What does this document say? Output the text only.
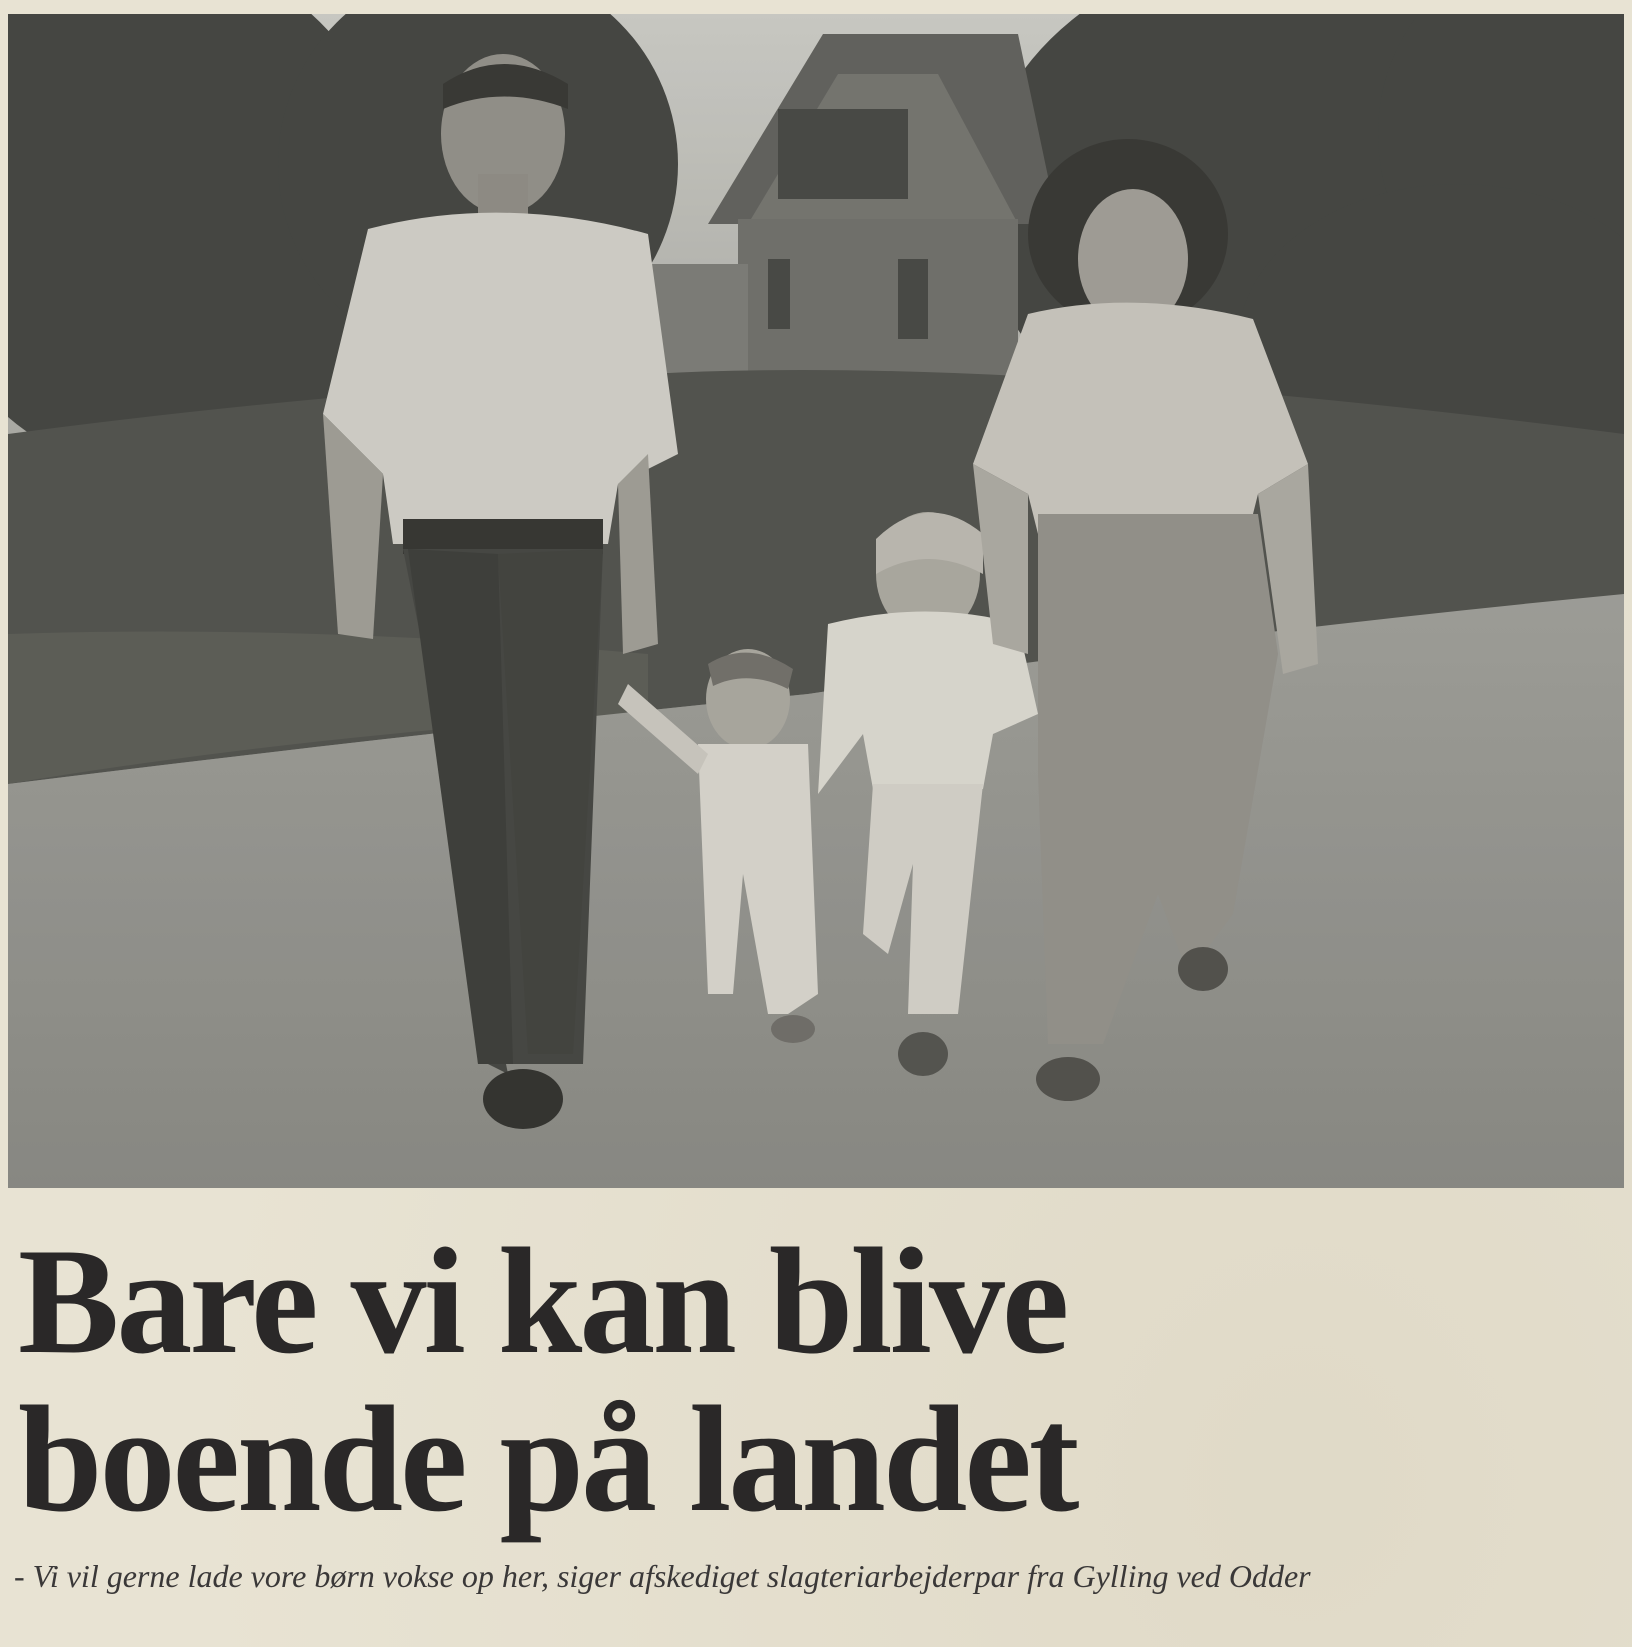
Bare vi kan blive
boende på landet

- Vi vil gerne lade vore børn vokse op her, siger afskediget slagteriarbejderpar fra Gylling ved Odder
